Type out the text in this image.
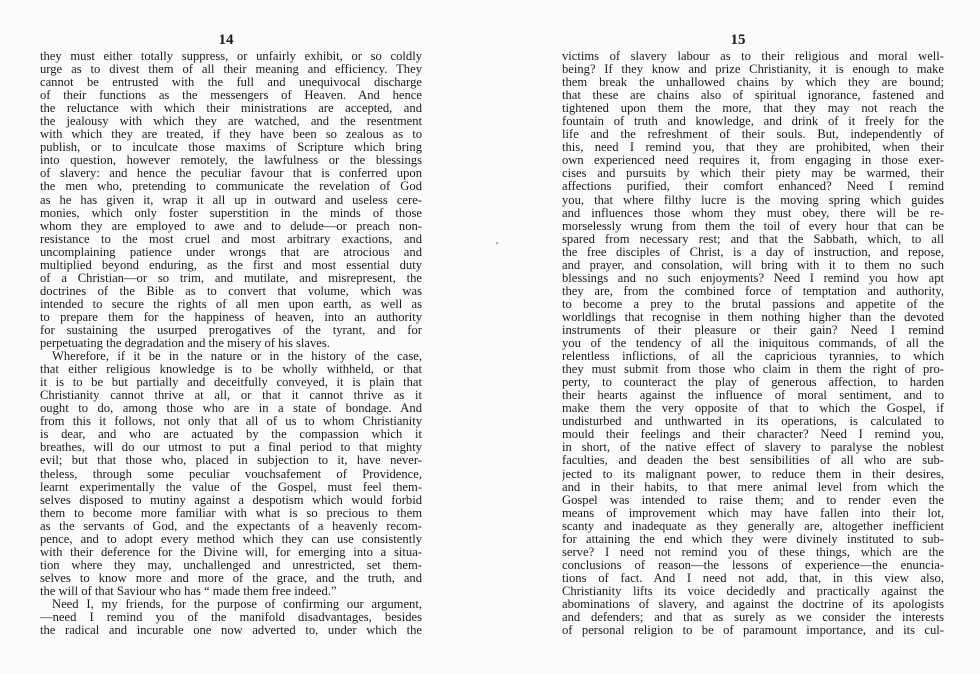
14
they must either totally suppress, or unfairly exhibit, or so coldly
urge as to divest them of all their meaning and efficiency. They
cannot be entrusted with the full and unequivocal discharge
of their functions as the messengers of Heaven. And hence
the reluctance with which their ministrations are accepted, and
the jealousy with which they are watched, and the resentment
with which they are treated, if they have been so zealous as to
publish, or to inculcate those maxims of Scripture which bring
into question, however remotely, the lawfulness or the blessings
of slavery: and hence the peculiar favour that is conferred upon
the men who, pretending to communicate the revelation of God
as he has given it, wrap it all up in outward and useless cere-
monies, which only foster superstition in the minds of those
whom they are employed to awe and to delude—or preach non-
resistance to the most cruel and most arbitrary exactions, and
uncomplaining patience under wrongs that are atrocious and
multiplied beyond enduring, as the first and most essential duty
of a Christian—or so trim, and mutilate, and misrepresent, the
doctrines of the Bible as to convert that volume, which was
intended to secure the rights of all men upon earth, as well as
to prepare them for the happiness of heaven, into an authority
for sustaining the usurped prerogatives of the tyrant, and for
perpetuating the degradation and the misery of his slaves.
Wherefore, if it be in the nature or in the history of the case,
that either religious knowledge is to be wholly withheld, or that
it is to be but partially and deceitfully conveyed, it is plain that
Christianity cannot thrive at all, or that it cannot thrive as it
ought to do, among those who are in a state of bondage. And
from this it follows, not only that all of us to whom Christianity
is dear, and who are actuated by the compassion which it
breathes, will do our utmost to put a final period to that mighty
evil; but that those who, placed in subjection to it, have never-
theless, through some peculiar vouchsafement of Providence,
learnt experimentally the value of the Gospel, must feel them-
selves disposed to mutiny against a despotism which would forbid
them to become more familiar with what is so precious to them
as the servants of God, and the expectants of a heavenly recom-
pence, and to adopt every method which they can use consistently
with their deference for the Divine will, for emerging into a situa-
tion where they may, unchallenged and unrestricted, set them-
selves to know more and more of the grace, and the truth, and
the will of that Saviour who has “ made them free indeed.”
Need I, my friends, for the purpose of confirming our argument,
—need I remind you of the manifold disadvantages, besides
the radical and incurable one now adverted to, under which the
15
victims of slavery labour as to their religious and moral well-
being? If they know and prize Christianity, it is enough to make
them break the unhallowed chains by which they are bound;
that these are chains also of spiritual ignorance, fastened and
tightened upon them the more, that they may not reach the
fountain of truth and knowledge, and drink of it freely for the
life and the refreshment of their souls. But, independently of
this, need I remind you, that they are prohibited, when their
own experienced need requires it, from engaging in those exer-
cises and pursuits by which their piety may be warmed, their
affections purified, their comfort enhanced? Need I remind
you, that where filthy lucre is the moving spring which guides
and influences those whom they must obey, there will be re-
morselessly wrung from them the toil of every hour that can be
spared from necessary rest; and that the Sabbath, which, to all
the free disciples of Christ, is a day of instruction, and repose,
and prayer, and consolation, will bring with it to them no such
blessings and no such enjoyments? Need I remind you how apt
they are, from the combined force of temptation and authority,
to become a prey to the brutal passions and appetite of the
worldlings that recognise in them nothing higher than the devoted
instruments of their pleasure or their gain? Need I remind
you of the tendency of all the iniquitous commands, of all the
relentless inflictions, of all the capricious tyrannies, to which
they must submit from those who claim in them the right of pro-
perty, to counteract the play of generous affection, to harden
their hearts against the influence of moral sentiment, and to
make them the very opposite of that to which the Gospel, if
undisturbed and unthwarted in its operations, is calculated to
mould their feelings and their character? Need I remind you,
in short, of the native effect of slavery to paralyse the noblest
faculties, and deaden the best sensibilities of all who are sub-
jected to its malignant power, to reduce them in their desires,
and in their habits, to that mere animal level from which the
Gospel was intended to raise them; and to render even the
means of improvement which may have fallen into their lot,
scanty and inadequate as they generally are, altogether inefficient
for attaining the end which they were divinely instituted to sub-
serve? I need not remind you of these things, which are the
conclusions of reason—the lessons of experience—the enuncia-
tions of fact. And I need not add, that, in this view also,
Christianity lifts its voice decidedly and practically against the
abominations of slavery, and against the doctrine of its apologists
and defenders; and that as surely as we consider the interests
of personal religion to be of paramount importance, and its cul-
′
